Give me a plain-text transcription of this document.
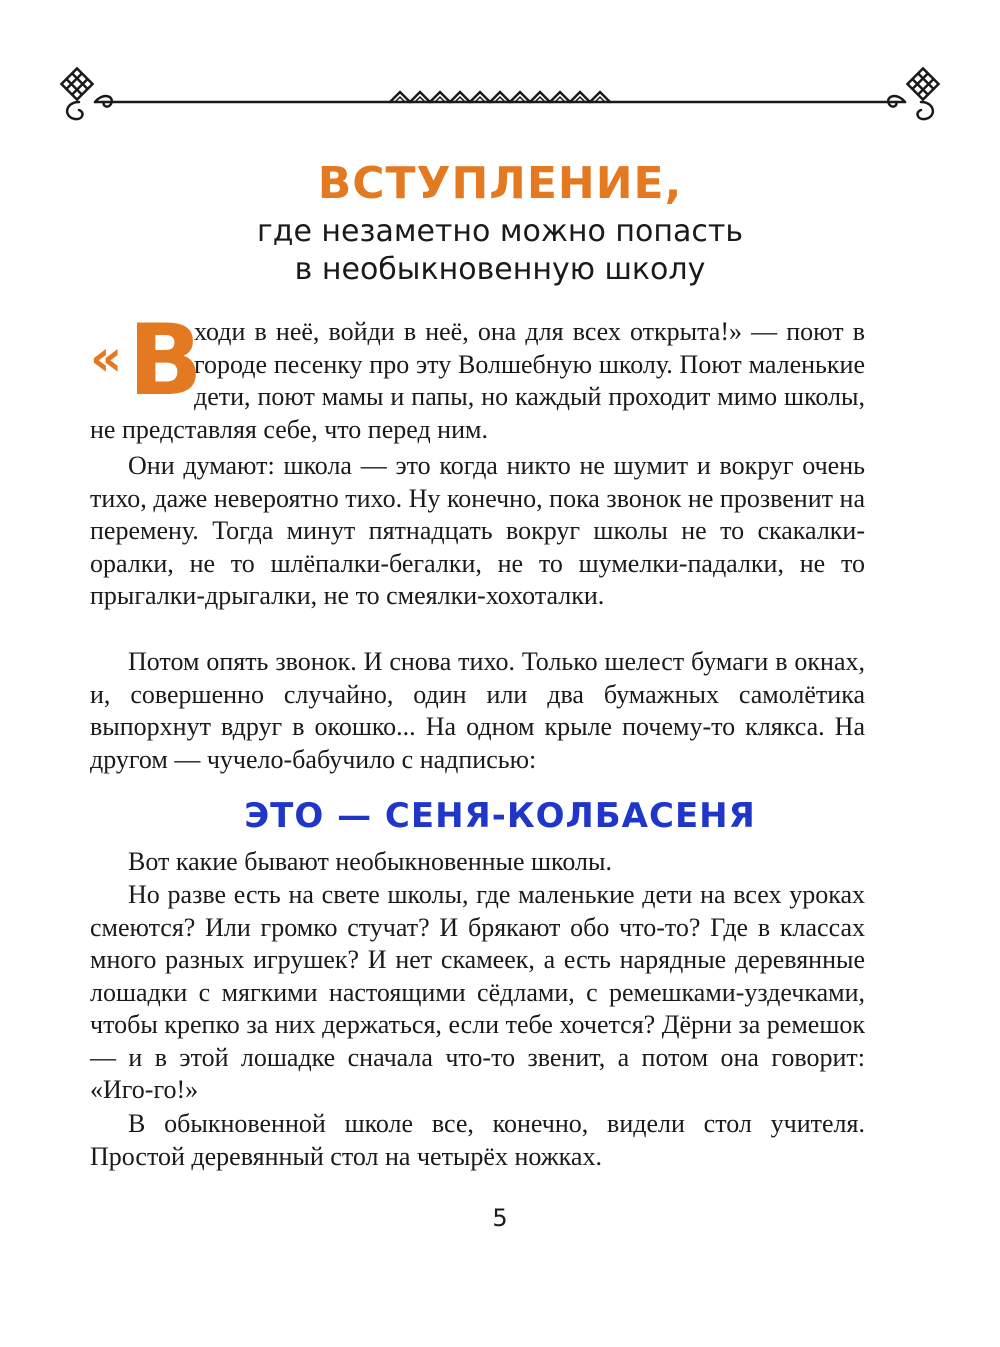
ВСТУПЛЕНИЕ,
где незаметно можно попасть
в необыкновенную школу
« В
ходи в неё, войди в неё, она для всех открыта!» — поют в городе песенку про эту Волшебную школу. Поют маленькие дети, поют мамы и папы, но каждый проходит мимо школы, не представляя себе, что перед ним.
Они думают: школа — это когда никто не шумит и вокруг очень тихо, даже невероятно тихо. Ну конечно, пока звонок не прозвенит на перемену. Тогда минут пятнадцать вокруг школы не то скакалки-оралки, не то шлёпалки-бегалки, не то шумелки-падалки, не то прыгалки-дрыгалки, не то смеялки-хохоталки.
Потом опять звонок. И снова тихо. Только шелест бумаги в окнах, и, совершенно случайно, один или два бумажных самолётика выпорхнут вдруг в окошко... На одном крыле почему-то клякса. На другом — чучело-бабучило с надписью:
ЭТО — СЕНЯ-КОЛБАСЕНЯ
Вот какие бывают необыкновенные школы.
Но разве есть на свете школы, где маленькие дети на всех уроках смеются? Или громко стучат? И брякают обо что-то? Где в классах много разных игрушек? И нет скамеек, а есть нарядные деревянные лошадки с мягкими настоящими сёдлами, с ремешками-уздечками, чтобы крепко за них держаться, если тебе хочется? Дёрни за ремешок — и в этой лошадке сначала что-то звенит, а потом она говорит: «Иго-го!»
В обыкновенной школе все, конечно, видели стол учителя. Простой деревянный стол на четырёх ножках.
5
